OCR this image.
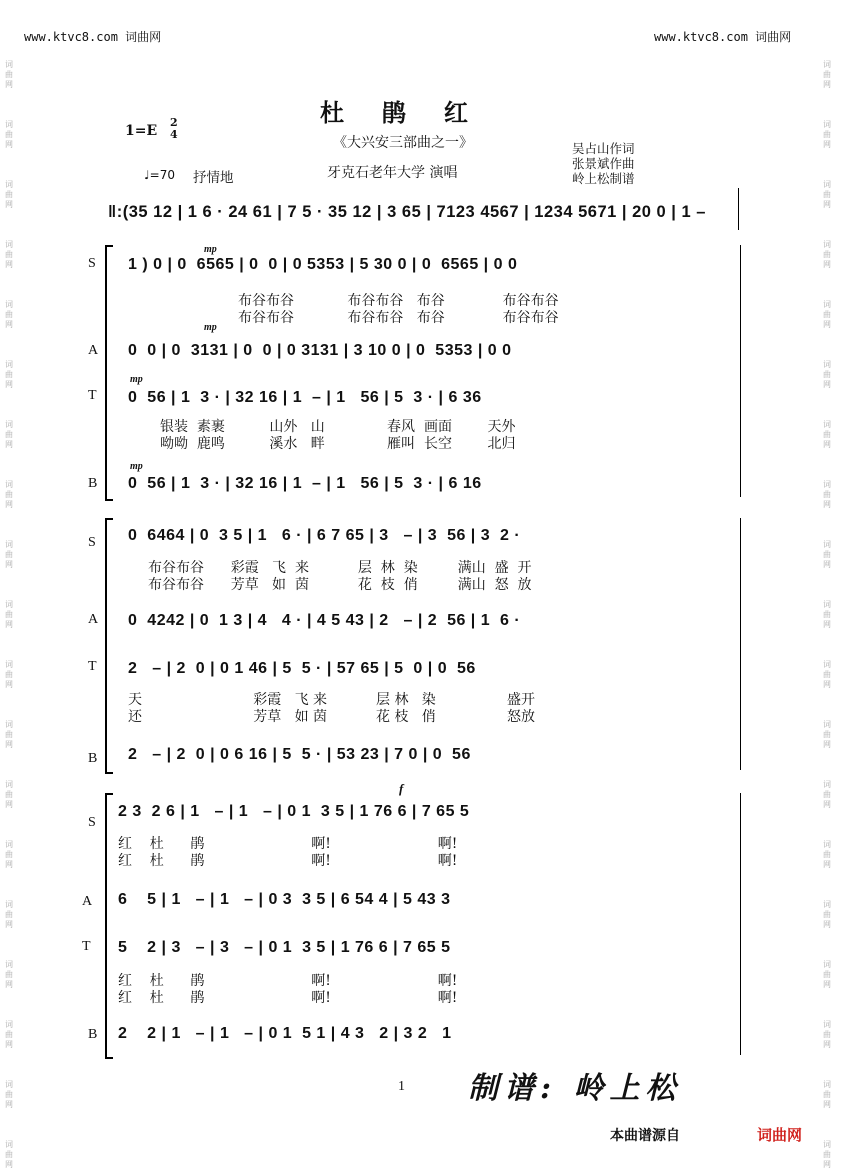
词
曲
网
词
曲
网
词
曲
网
词
曲
网
词
曲
网
词
曲
网
词
曲
网
词
曲
网
词
曲
网
词
曲
网
词
曲
网
词
曲
网
词
曲
网
词
曲
网
词
曲
网
词
曲
网
词
曲
网
词
曲
网
词
曲
网
词
曲
网
词
曲
网
词
曲
网
词
曲
网
词
曲
网
词
曲
网
词
曲
网
词
曲
网
词
曲
网
词
曲
网
词
曲
网
词
曲
网
词
曲
网
词
曲
网
词
曲
网
词
曲
网
词
曲
网
词
曲
网
词
曲
网
www.ktvc8.com 词曲网	www.ktvc8.com 词曲网
杜鹃红
《大兴安三部曲之一》
牙克石老年大学 演唱
吴占山作词
张景斌作曲
岭上松制谱
1=E
2
4
♩=70 抒情地
‖:(35 12 | 1 6 · 24 61 | 7 5 · 35 12 | 3 65 | 7123 4567 | 1234 5671 | 20 0 | 1 –
S
A
T
B
mp
mp
mp
mp
1 ) 0 | 0  6565 | 0  0 | 0 5353 | 5 30 0 | 0  6565 | 0 0
布谷布谷            布谷布谷   布谷             布谷布谷
布谷布谷            布谷布谷   布谷             布谷布谷
0  0 | 0  3131 | 0  0 | 0 3131 | 3 10 0 | 0  5353 | 0 0
0  56 | 1  3 · | 32 16 | 1  – | 1   56 | 5  3 · | 6 36
银装  素裹          山外   山              春风  画面        天外
呦呦  鹿鸣          溪水   畔              雁叫  长空        北归
0  56 | 1  3 · | 32 16 | 1  – | 1   56 | 5  3 · | 6 16
S
A
T
B
0  6464 | 0  3 5 | 1   6 · | 6 7 65 | 3   – | 3  56 | 3  2 ·
布谷布谷      彩霞   飞  来           层  林  染         满山  盛  开
布谷布谷      芳草   如  茵           花  枝  俏         满山  怒  放
0  4242 | 0  1 3 | 4   4 · | 4 5 43 | 2   – | 2  56 | 1  6 ·
2   – | 2  0 | 0 1 46 | 5  5 · | 57 65 | 5  0 | 0  56
天                         彩霞   飞 来           层 林   染                盛开
还                         芳草   如 茵           花 枝   俏                怒放
2   – | 2  0 | 0 6 16 | 5  5 · | 53 23 | 7 0 | 0  56
S
A
T
B
f
2 3  2 6 | 1   – | 1   – | 0 1  3 5 | 1 76 6 | 7 65 5
红    杜      鹃                        啊!                        啊!
红    杜      鹃                        啊!                        啊!
6    5 | 1   – | 1   – | 0 3  3 5 | 6 54 4 | 5 43 3
5    2 | 3   – | 3   – | 0 1  3 5 | 1 76 6 | 7 65 5
红    杜      鹃                        啊!                        啊!
红    杜      鹃                        啊!                        啊!
2    2 | 1   – | 1   – | 0 1  5 1 | 4 3   2 | 3 2   1
1 制谱: 岭上松
本曲谱源自	词曲网
